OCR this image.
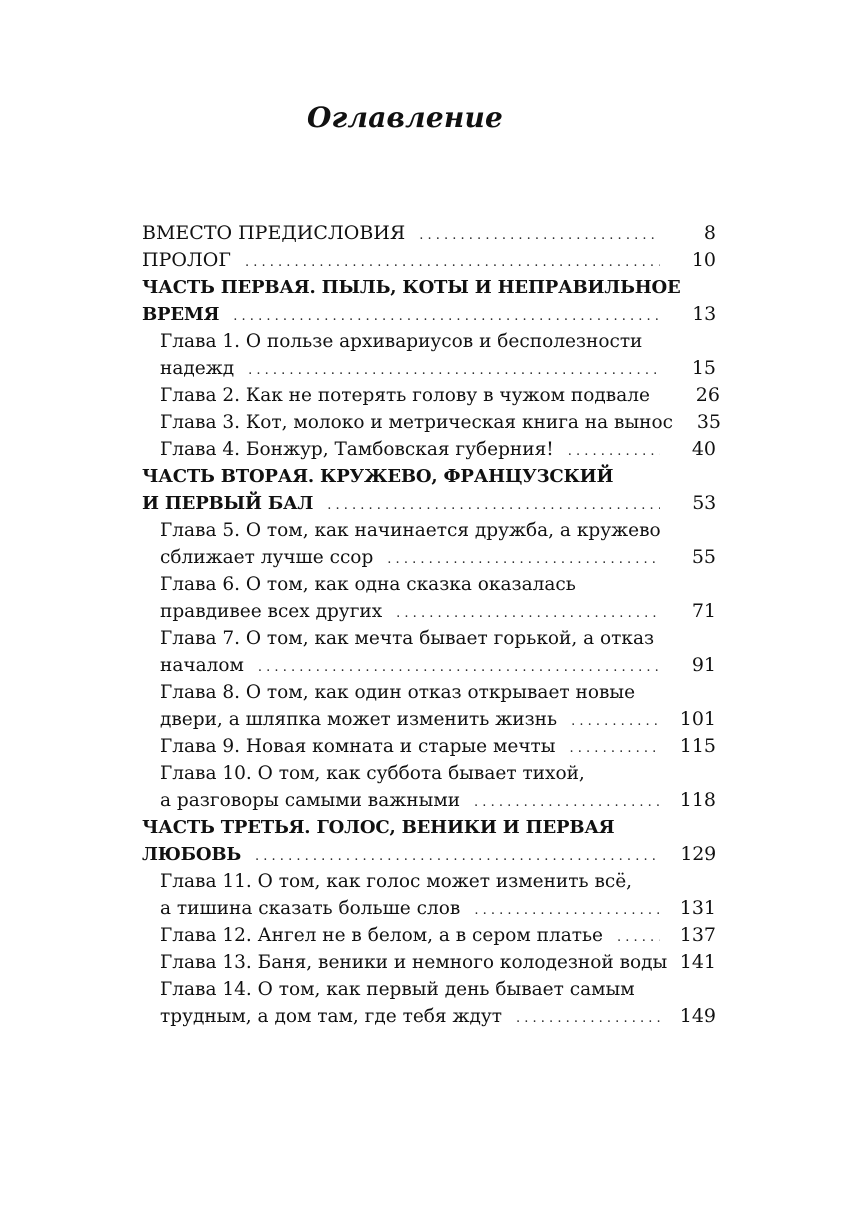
Оглавление
ВМЕСТО ПРЕДИСЛОВИЯ . . .	8
ПРОЛОГ . . .	10
ЧАСТЬ ПЕРВАЯ. ПЫЛЬ, КОТЫ И НЕПРАВИЛЬНОЕ
ВРЕМЯ . . .	13
Глава 1. О пользе архивариусов и бесполезности
надежд . . .	15
Глава 2. Как не потерять голову в чужом подвале	26
Глава 3. Кот, молоко и метрическая книга на вынос	35
Глава 4. Бонжур, Тамбовская губерния! . . .	40
ЧАСТЬ ВТОРАЯ. КРУЖЕВО, ФРАНЦУЗСКИЙ
И ПЕРВЫЙ БАЛ . . .	53
Глава 5. О том, как начинается дружба, а кружево
сближает лучше ссор . . .	55
Глава 6. О том, как одна сказка оказалась
правдивее всех других . . .	71
Глава 7. О том, как мечта бывает горькой, а отказ
началом . . .	91
Глава 8. О том, как один отказ открывает новые
двери, а шляпка может изменить жизнь . . .	101
Глава 9. Новая комната и старые мечты . . .	115
Глава 10. О том, как суббота бывает тихой,
а разговоры самыми важными . . .	118
ЧАСТЬ ТРЕТЬЯ. ГОЛОС, ВЕНИКИ И ПЕРВАЯ
ЛЮБОВЬ . . .	129
Глава 11. О том, как голос может изменить всё,
а тишина сказать больше слов . . .	131
Глава 12. Ангел не в белом, а в сером платье . . .	137
Глава 13. Баня, веники и немного колодезной воды 141
Глава 14. О том, как первый день бывает самым
трудным, а дом там, где тебя ждут . . .	149
